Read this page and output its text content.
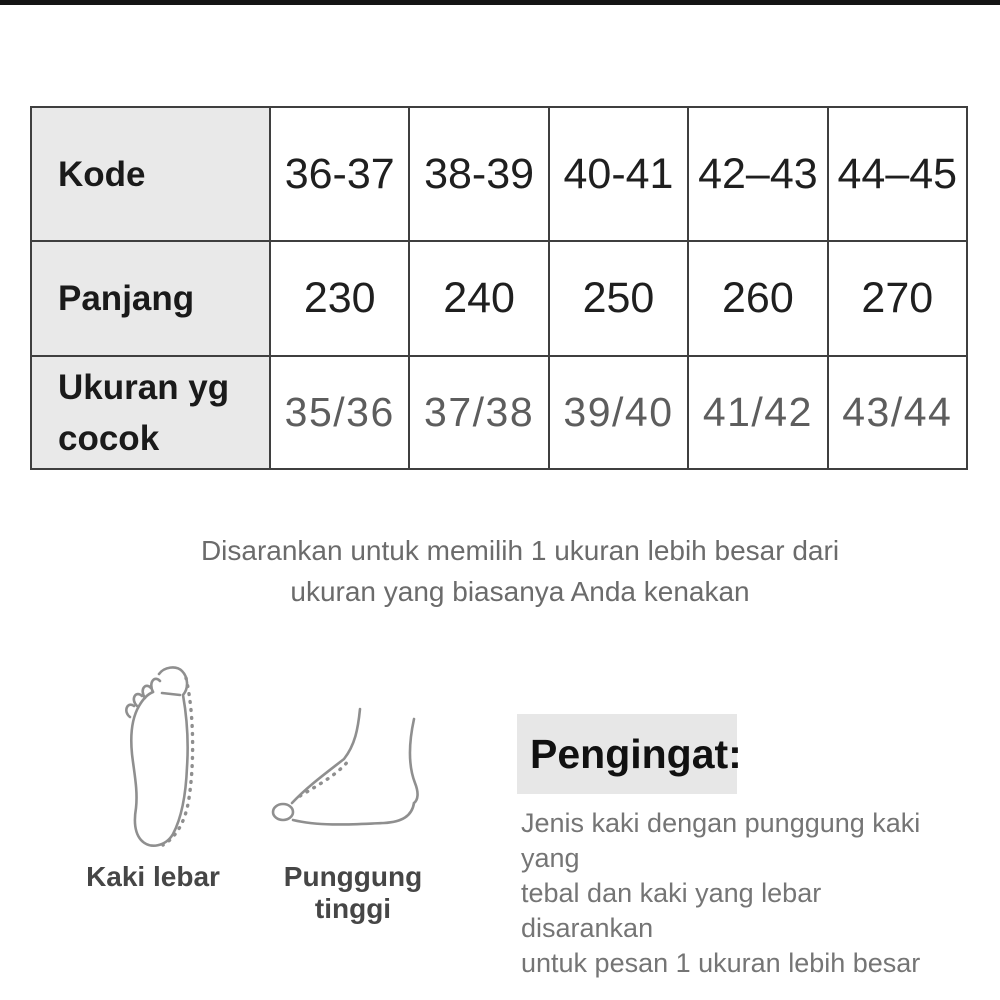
Kode	36-37	38-39	40-41	42–43	44–45
Panjang	230	240	250	260	270
Ukuran yg cocok	35/36	37/38	39/40	41/42	43/44
Disarankan untuk memilih 1 ukuran lebih besar dari
ukuran yang biasanya Anda kenakan
Kaki lebar	Punggung tinggi
Pengingat:
Jenis kaki dengan punggung kaki yang
tebal dan kaki yang lebar disarankan
untuk pesan 1 ukuran lebih besar
